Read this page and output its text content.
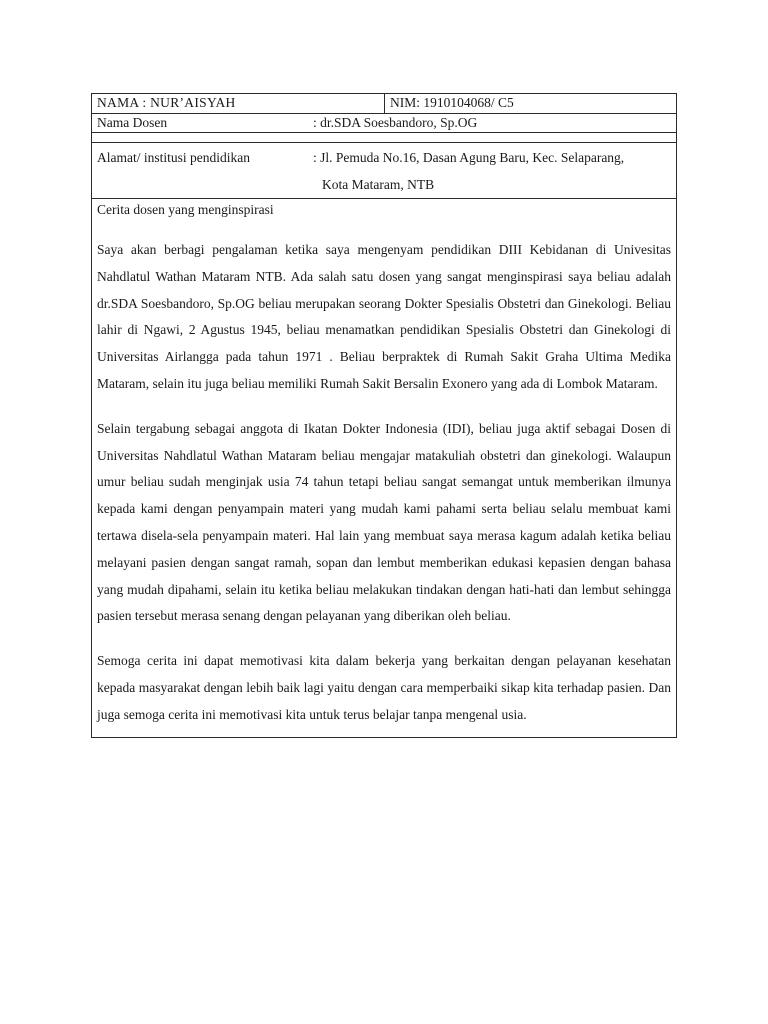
NAMA : NUR’AISYAH	NIM: 1910104068/ C5
Nama Dosen	: dr.SDA Soesbandoro, Sp.OG
Alamat/ institusi pendidikan	: Jl. Pemuda No.16, Dasan Agung Baru, Kec. Selaparang,
Kota Mataram, NTB
Cerita dosen yang menginspirasi

Saya akan berbagi pengalaman ketika saya mengenyam pendidikan DIII Kebidanan di Univesitas Nahdlatul Wathan Mataram NTB. Ada salah satu dosen yang sangat menginspirasi saya beliau adalah dr.SDA Soesbandoro, Sp.OG beliau merupakan seorang Dokter Spesialis Obstetri dan Ginekologi. Beliau lahir di Ngawi, 2 Agustus 1945, beliau menamatkan pendidikan Spesialis Obstetri dan Ginekologi di Universitas Airlangga pada tahun 1971 . Beliau berpraktek di Rumah Sakit Graha Ultima Medika Mataram, selain itu juga beliau memiliki Rumah Sakit Bersalin Exonero yang ada di Lombok Mataram.

Selain tergabung sebagai anggota di Ikatan Dokter Indonesia (IDI), beliau juga aktif sebagai Dosen di Universitas Nahdlatul Wathan Mataram beliau mengajar matakuliah obstetri dan ginekologi. Walaupun umur beliau sudah menginjak usia 74 tahun tetapi beliau sangat semangat untuk memberikan ilmunya kepada kami dengan penyampain materi yang mudah kami pahami serta beliau selalu membuat kami tertawa disela-sela penyampain materi. Hal lain yang membuat saya merasa kagum adalah ketika beliau melayani pasien dengan sangat ramah, sopan dan lembut memberikan edukasi kepasien dengan bahasa yang mudah dipahami, selain itu ketika beliau melakukan tindakan dengan hati-hati dan lembut sehingga pasien tersebut merasa senang dengan pelayanan yang diberikan oleh beliau.

Semoga cerita ini dapat memotivasi kita dalam bekerja yang berkaitan dengan pelayanan kesehatan kepada masyarakat dengan lebih baik lagi yaitu dengan cara memperbaiki sikap kita terhadap pasien. Dan juga semoga cerita ini memotivasi kita untuk terus belajar tanpa mengenal usia.
